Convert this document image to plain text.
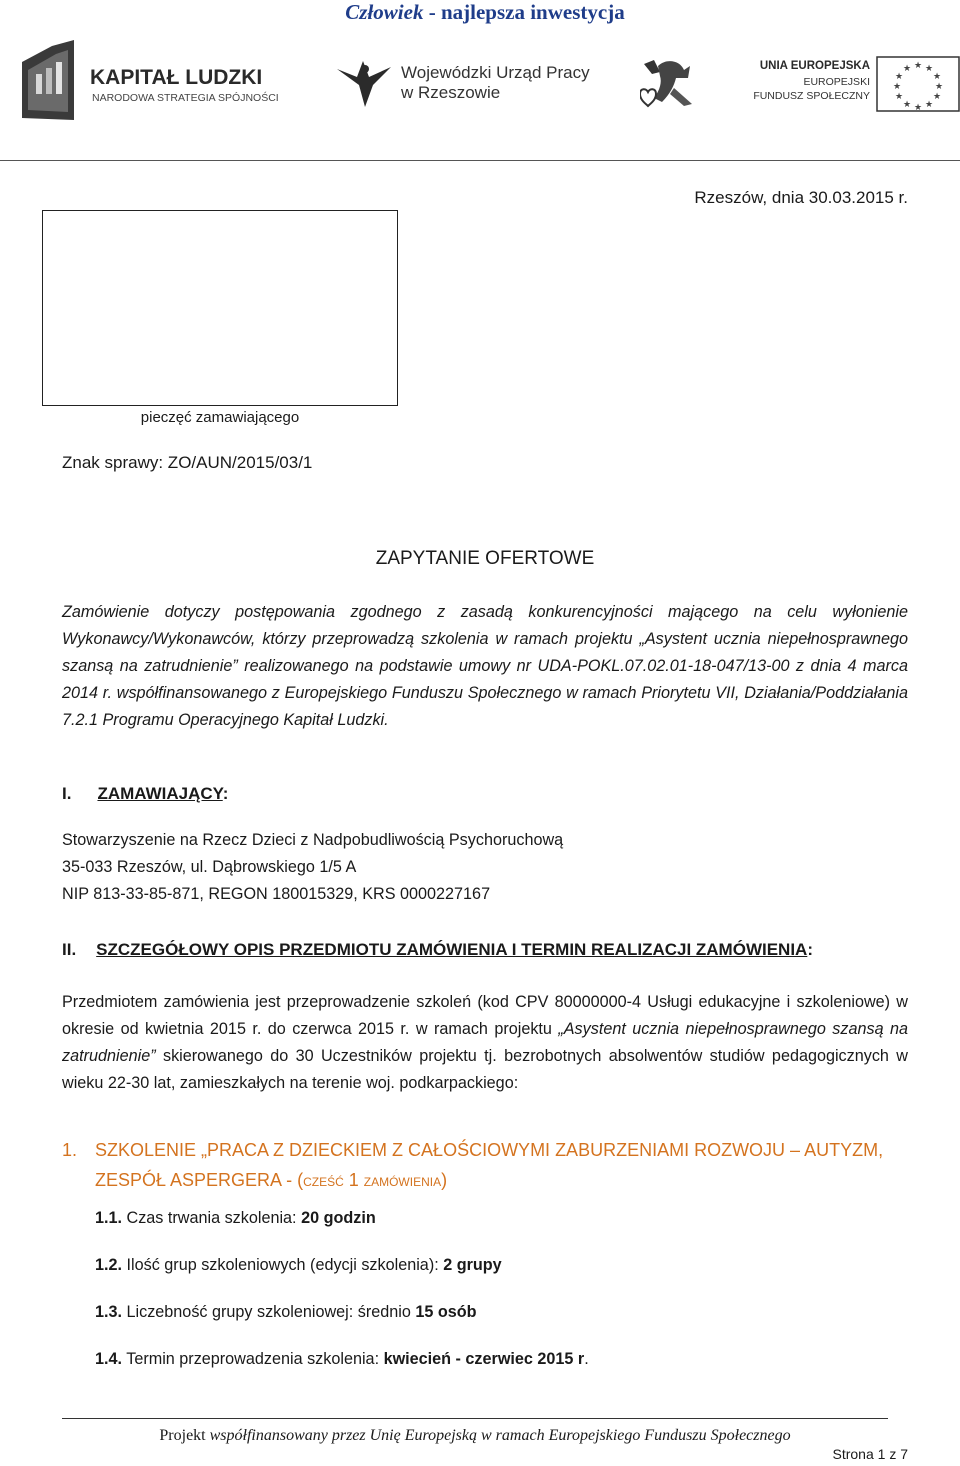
Człowiek - najlepsza inwestycja
KAPITAŁ LUDZKI
NARODOWA STRATEGIA SPÓJNOŚCI
Wojewódzki Urząd Pracy
w Rzeszowie
UNIA EUROPEJSKA
EUROPEJSKI
FUNDUSZ SPOŁECZNY
★ ★
★
★
★
★
★
★
★
★
★
★
Rzeszów, dnia 30.03.2015 r.
pieczęć zamawiającego
Znak sprawy: ZO/AUN/2015/03/1
ZAPYTANIE OFERTOWE
Zamówienie dotyczy postępowania zgodnego z zasadą konkurencyjności mającego na celu wyłonienie Wykonawcy/Wykonawców, którzy przeprowadzą szkolenia w ramach projektu „Asystent ucznia niepełnosprawnego szansą na zatrudnienie” realizowanego na podstawie umowy nr UDA-POKL.07.02.01-18-047/13-00 z dnia 4 marca 2014 r. współfinansowanego z Europejskiego Funduszu Społecznego w ramach Priorytetu VII, Działania/Poddziałania 7.2.1 Programu Operacyjnego Kapitał Ludzki.
I. ZAMAWIAJĄCY:
Stowarzyszenie na Rzecz Dzieci z Nadpobudliwością Psychoruchową
35-033 Rzeszów, ul. Dąbrowskiego 1/5 A
NIP 813-33-85-871, REGON 180015329, KRS 0000227167
II. SZCZEGÓŁOWY OPIS PRZEDMIOTU ZAMÓWIENIA I TERMIN REALIZACJI ZAMÓWIENIA:
Przedmiotem zamówienia jest przeprowadzenie szkoleń (kod CPV 80000000-4 Usługi edukacyjne i szkoleniowe) w okresie od kwietnia 2015 r. do czerwca 2015 r. w ramach projektu „Asystent ucznia niepełnosprawnego szansą na zatrudnienie” skierowanego do 30 Uczestników projektu tj. bezrobotnych absolwentów studiów pedagogicznych w wieku 22-30 lat, zamieszkałych na terenie woj. podkarpackiego:
1. SZKOLENIE „PRACA Z DZIECKIEM Z CAŁOŚCIOWYMI ZABURZENIAMI ROZWOJU – AUTYZM, ZESPÓŁ ASPERGERA - (CZEŚĆ 1 ZAMÓWIENIA)
1.1. Czas trwania szkolenia: 20 godzin
1.2. Ilość grup szkoleniowych (edycji szkolenia): 2 grupy
1.3. Liczebność grupy szkoleniowej: średnio 15 osób
1.4. Termin przeprowadzenia szkolenia: kwiecień - czerwiec 2015 r.
Projekt współfinansowany przez Unię Europejską w ramach Europejskiego Funduszu Społecznego
Strona 1 z 7
